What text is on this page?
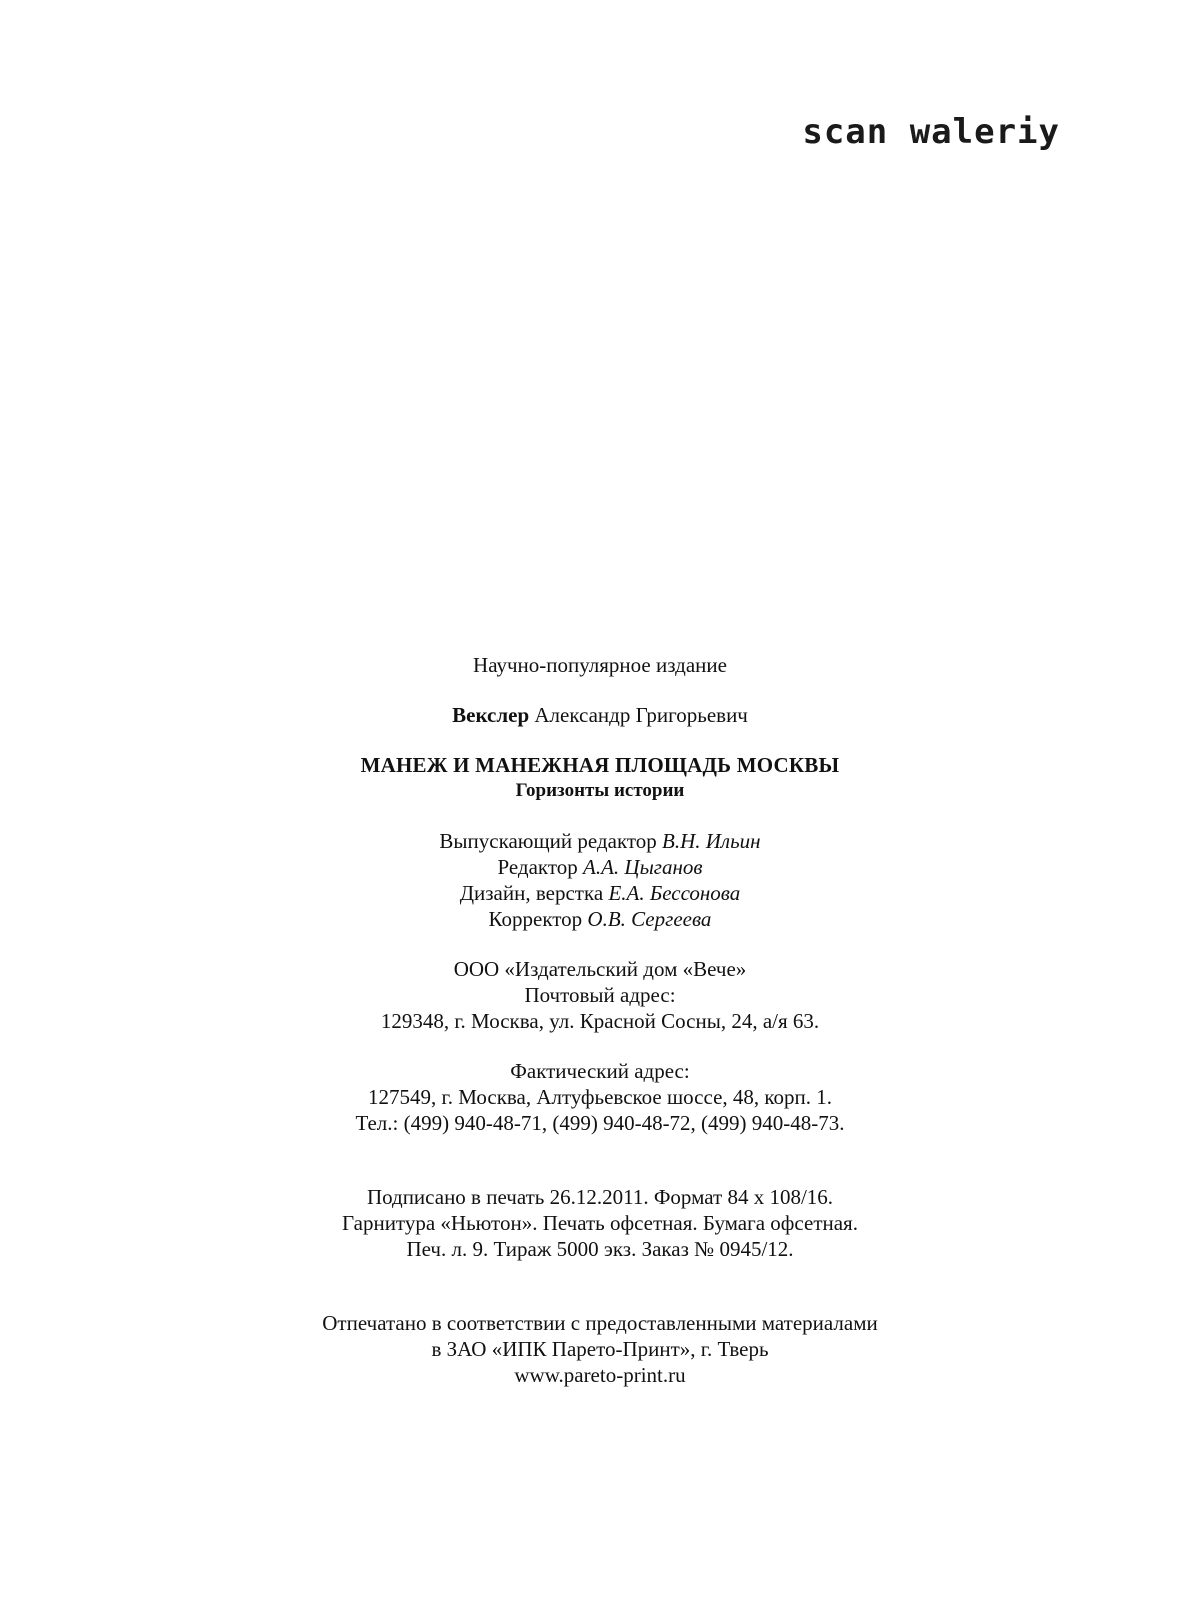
scan waleriy
Научно-популярное издание
Векслер Александр Григорьевич
МАНЕЖ И МАНЕЖНАЯ ПЛОЩАДЬ МОСКВЫ
Горизонты истории
Выпускающий редактор В.Н. Ильин
Редактор А.А. Цыганов
Дизайн, верстка Е.А. Бессонова
Корректор О.В. Сергеева
ООО «Издательский дом «Вече»
Почтовый адрес:
129348, г. Москва, ул. Красной Сосны, 24, а/я 63.
Фактический адрес:
127549, г. Москва, Алтуфьевское шоссе, 48, корп. 1.
Тел.: (499) 940-48-71, (499) 940-48-72, (499) 940-48-73.
Подписано в печать 26.12.2011. Формат 84 x 108/16.
Гарнитура «Ньютон». Печать офсетная. Бумага офсетная.
Печ. л. 9. Тираж 5000 экз. Заказ № 0945/12.
Отпечатано в соответствии с предоставленными материалами
в ЗАО «ИПК Парето-Принт», г. Тверь
www.pareto-print.ru
